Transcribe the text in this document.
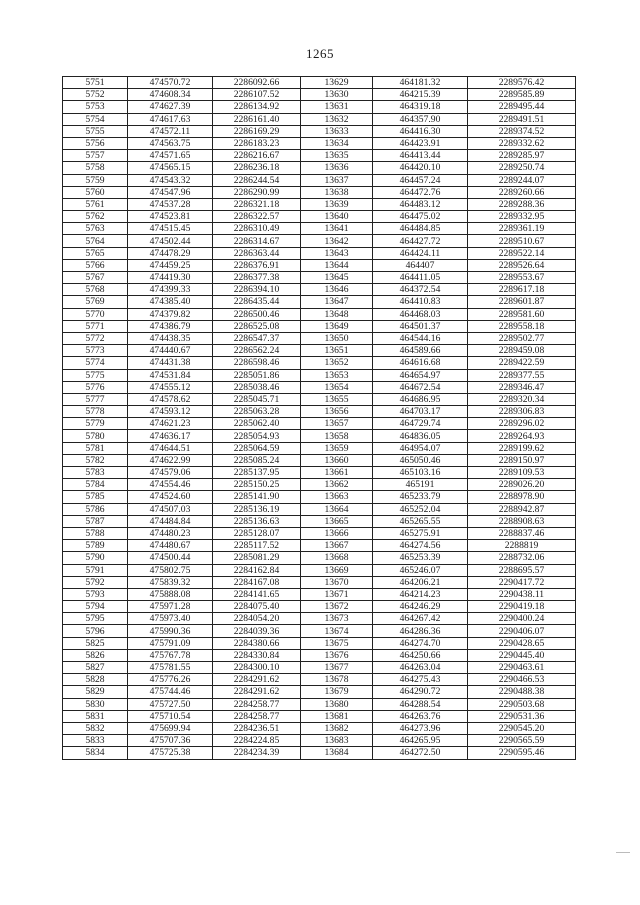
1265
5751	474570.72	2286092.66	13629	464181.32	2289576.42
5752	474608.34	2286107.52	13630	464215.39	2289585.89
5753	474627.39	2286134.92	13631	464319.18	2289495.44
5754	474617.63	2286161.40	13632	464357.90	2289491.51
5755	474572.11	2286169.29	13633	464416.30	2289374.52
5756	474563.75	2286183.23	13634	464423.91	2289332.62
5757	474571.65	2286216.67	13635	464413.44	2289285.97
5758	474565.15	2286236.18	13636	464420.10	2289250.74
5759	474543.32	2286244.54	13637	464457.24	2289244.07
5760	474547.96	2286290.99	13638	464472.76	2289260.66
5761	474537.28	2286321.18	13639	464483.12	2289288.36
5762	474523.81	2286322.57	13640	464475.02	2289332.95
5763	474515.45	2286310.49	13641	464484.85	2289361.19
5764	474502.44	2286314.67	13642	464427.72	2289510.67
5765	474478.29	2286363.44	13643	464424.11	2289522.14
5766	474459.25	2286376.91	13644	464407	2289526.64
5767	474419.30	2286377.38	13645	464411.05	2289553.67
5768	474399.33	2286394.10	13646	464372.54	2289617.18
5769	474385.40	2286435.44	13647	464410.83	2289601.87
5770	474379.82	2286500.46	13648	464468.03	2289581.60
5771	474386.79	2286525.08	13649	464501.37	2289558.18
5772	474438.35	2286547.37	13650	464544.16	2289502.77
5773	474440.67	2286562.24	13651	464589.66	2289459.08
5774	474431.38	2286598.46	13652	464616.68	2289422.59
5775	474531.84	2285051.86	13653	464654.97	2289377.55
5776	474555.12	2285038.46	13654	464672.54	2289346.47
5777	474578.62	2285045.71	13655	464686.95	2289320.34
5778	474593.12	2285063.28	13656	464703.17	2289306.83
5779	474621.23	2285062.40	13657	464729.74	2289296.02
5780	474636.17	2285054.93	13658	464836.05	2289264.93
5781	474644.51	2285064.59	13659	464954.07	2289199.62
5782	474622.99	2285085.24	13660	465050.46	2289150.97
5783	474579.06	2285137.95	13661	465103.16	2289109.53
5784	474554.46	2285150.25	13662	465191	2289026.20
5785	474524.60	2285141.90	13663	465233.79	2288978.90
5786	474507.03	2285136.19	13664	465252.04	2288942.87
5787	474484.84	2285136.63	13665	465265.55	2288908.63
5788	474480.23	2285128.07	13666	465275.91	2288837.46
5789	474480.67	2285117.52	13667	464274.56	2288819
5790	474500.44	2285081.29	13668	465253.39	2288732.06
5791	475802.75	2284162.84	13669	465246.07	2288695.57
5792	475839.32	2284167.08	13670	464206.21	2290417.72
5793	475888.08	2284141.65	13671	464214.23	2290438.11
5794	475971.28	2284075.40	13672	464246.29	2290419.18
5795	475973.40	2284054.20	13673	464267.42	2290400.24
5796	475990.36	2284039.36	13674	464286.36	2290406.07
5825	475791.09	2284380.66	13675	464274.70	2290428.65
5826	475767.78	2284330.84	13676	464250.66	2290445.40
5827	475781.55	2284300.10	13677	464263.04	2290463.61
5828	475776.26	2284291.62	13678	464275.43	2290466.53
5829	475744.46	2284291.62	13679	464290.72	2290488.38
5830	475727.50	2284258.77	13680	464288.54	2290503.68
5831	475710.54	2284258.77	13681	464263.76	2290531.36
5832	475699.94	2284236.51	13682	464273.96	2290545.20
5833	475707.36	2284224.85	13683	464265.95	2290565.59
5834	475725.38	2284234.39	13684	464272.50	2290595.46
